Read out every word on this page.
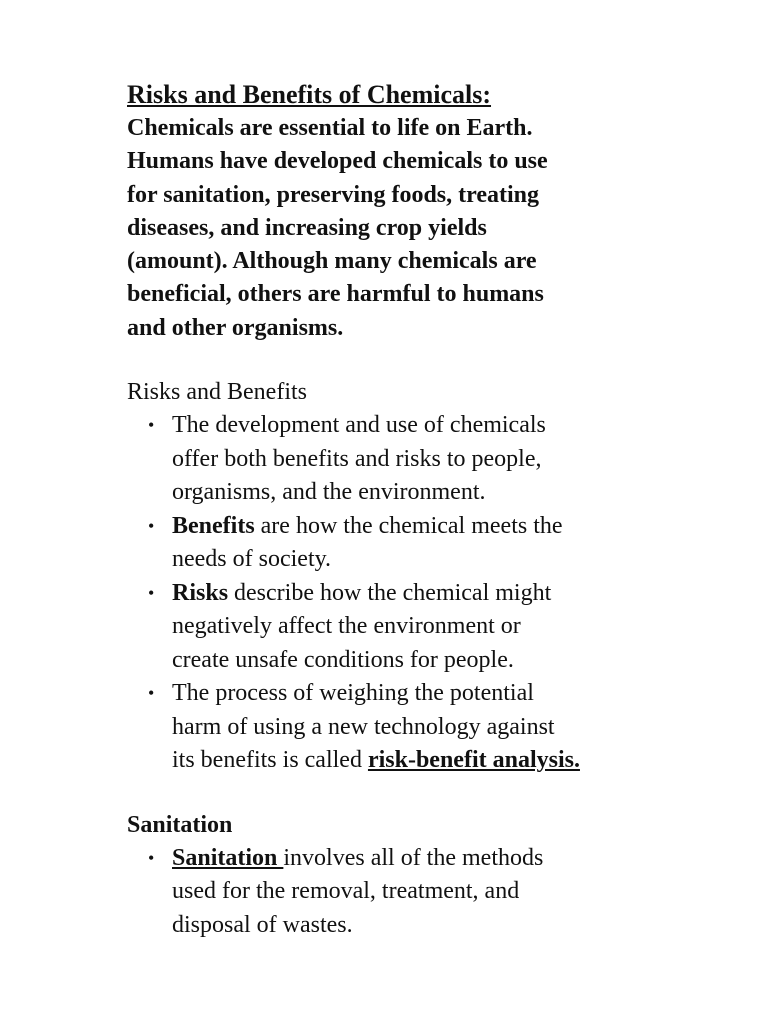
Risks and Benefits of Chemicals:
Chemicals are essential to life on Earth.
Humans have developed chemicals to use
for sanitation, preserving foods, treating
diseases, and increasing crop yields
(amount). Although many chemicals are
beneficial, others are harmful to humans
and other organisms.
Risks and Benefits
• The development and use of chemicals
offer both benefits and risks to people,
organisms, and the environment.
• Benefits are how the chemical meets the
needs of society.
• Risks describe how the chemical might
negatively affect the environment or
create unsafe conditions for people.
• The process of weighing the potential
harm of using a new technology against
its benefits is called risk-benefit analysis.
Sanitation
• Sanitation involves all of the methods
used for the removal, treatment, and
disposal of wastes.
